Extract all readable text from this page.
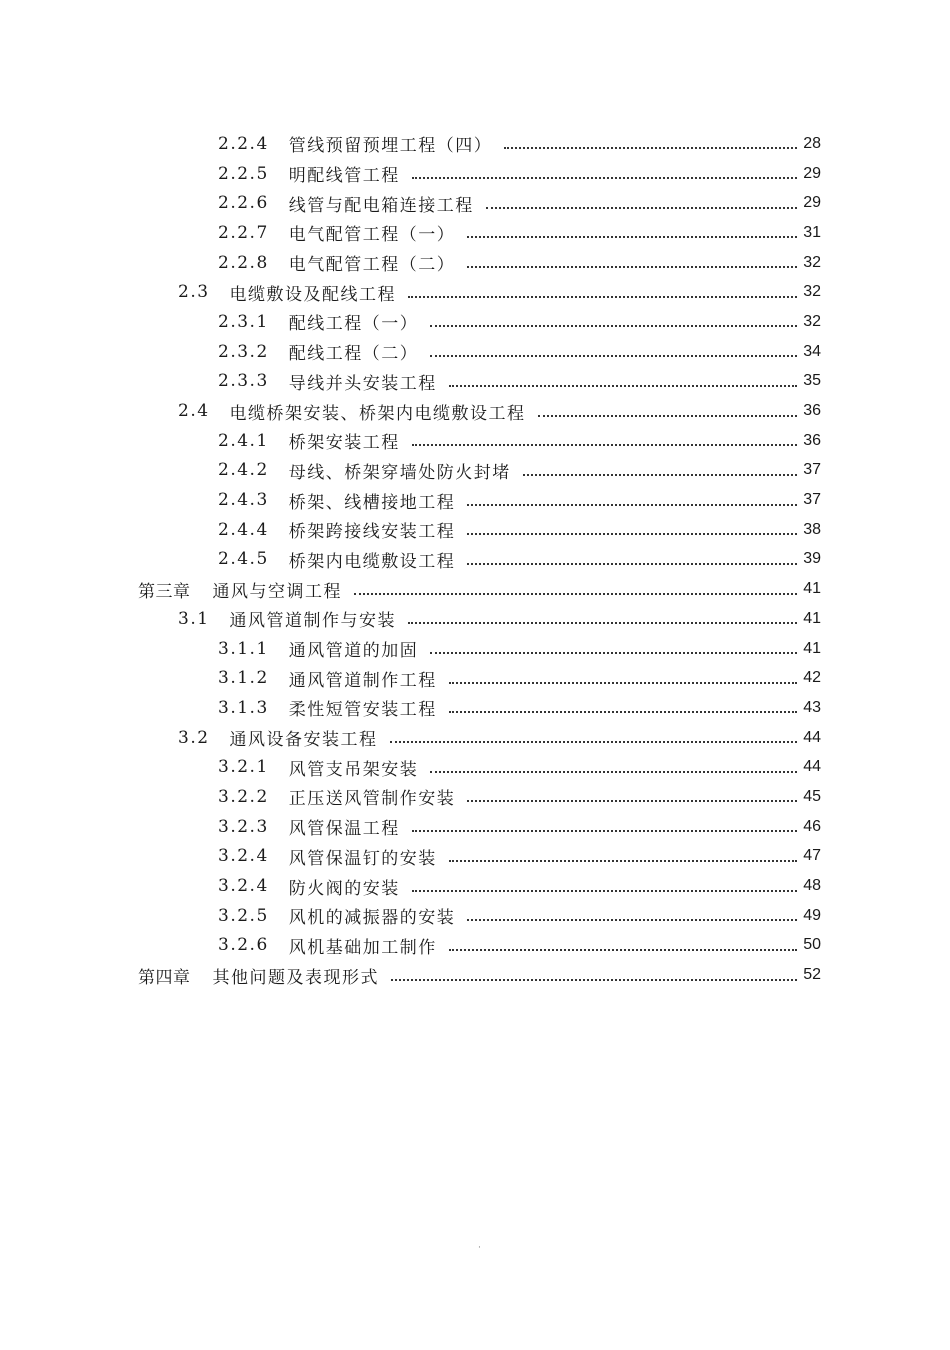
2.2.4 管线预留预埋工程（四）	28
2.2.5 明配线管工程	29
2.2.6 线管与配电箱连接工程	29
2.2.7 电气配管工程（一）	31
2.2.8 电气配管工程（二）	32
2.3 电缆敷设及配线工程	32
2.3.1 配线工程（一）	32
2.3.2 配线工程（二）	34
2.3.3 导线并头安装工程	35
2.4 电缆桥架安装、桥架内电缆敷设工程	36
2.4.1 桥架安装工程	36
2.4.2 母线、桥架穿墙处防火封堵	37
2.4.3 桥架、线槽接地工程	37
2.4.4 桥架跨接线安装工程	38
2.4.5 桥架内电缆敷设工程	39
第三章 通风与空调工程	41
3.1 通风管道制作与安装	41
3.1.1 通风管道的加固	41
3.1.2 通风管道制作工程	42
3.1.3 柔性短管安装工程	43
3.2 通风设备安装工程	44
3.2.1 风管支吊架安装	44
3.2.2 正压送风管制作安装	45
3.2.3 风管保温工程	46
3.2.4 风管保温钉的安装	47
3.2.4 防火阀的安装	48
3.2.5 风机的减振器的安装	49
3.2.6 风机基础加工制作	50
第四章 其他问题及表现形式	52
·
